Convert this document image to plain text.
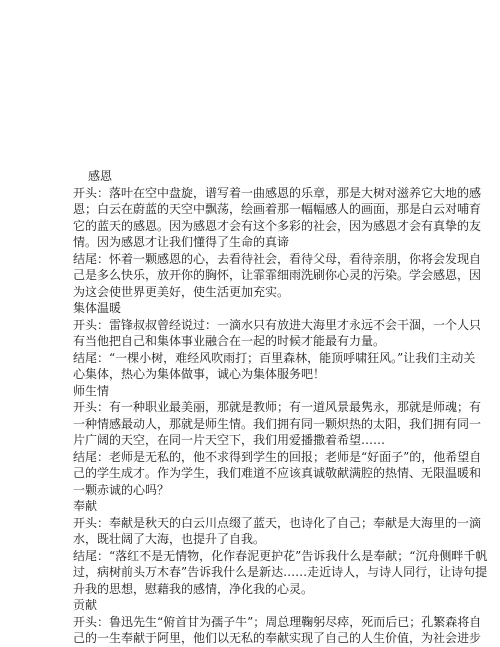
感恩
开头：落叶在空中盘旋，谱写着一曲感恩的乐章，那是大树对滋养它大地的感
恩；白云在蔚蓝的天空中飘荡，绘画着那一幅幅感人的画面，那是白云对哺育
它的蓝天的感恩。因为感恩才会有这个多彩的社会，因为感恩才会有真挚的友
情。因为感恩才让我们懂得了生命的真谛
结尾：怀着一颗感恩的心，去看待社会，看待父母，看待亲朋，你将会发现自
己是多么快乐，放开你的胸怀，让霏霏细雨洗刷你心灵的污染。学会感恩，因
为这会使世界更美好，使生活更加充实。
集体温暖
开头：雷锋叔叔曾经说过：一滴水只有放进大海里才永远不会干涸，一个人只
有当他把自己和集体事业融合在一起的时候才能最有力量。
结尾：“一棵小树，难经风吹雨打；百里森林，能顶呼啸狂风。”让我们主动关
心集体，热心为集体做事，诚心为集体服务吧！
师生情
开头：有一种职业最美丽，那就是教师；有一道风景最隽永，那就是师魂；有
一种情感最动人，那就是师生情。我们拥有同一颗炽热的太阳，我们拥有同一
片广阔的天空，在同一片天空下，我们用爱播撒着希望……
结尾：老师是无私的，他不求得到学生的回报；老师是“好面子”的，他希望自
己的学生成才。作为学生，我们难道不应该真诚敬献满腔的热情、无限温暖和
一颗赤诚的心吗？
奉献
开头：奉献是秋天的白云川点缀了蓝天，也诗化了自己；奉献是大海里的一滴
水，既壮阔了大海，也提升了自我。
结尾：“落红不是无情物，化作春泥更护花”告诉我什么是奉献；“沉舟侧畔千帆
过，病树前头万木春”告诉我什么是新达……走近诗人，与诗人同行，让诗句提
升我的思想，慰藉我的感情，净化我的心灵。
贡献
开头：鲁迅先生“俯首甘为孺子牛”；周总理鞠躬尽瘁，死而后已；孔繁森将自
己的一生奉献于阿里，他们以无私的奉献实现了自己的人生价值，为社会进步
